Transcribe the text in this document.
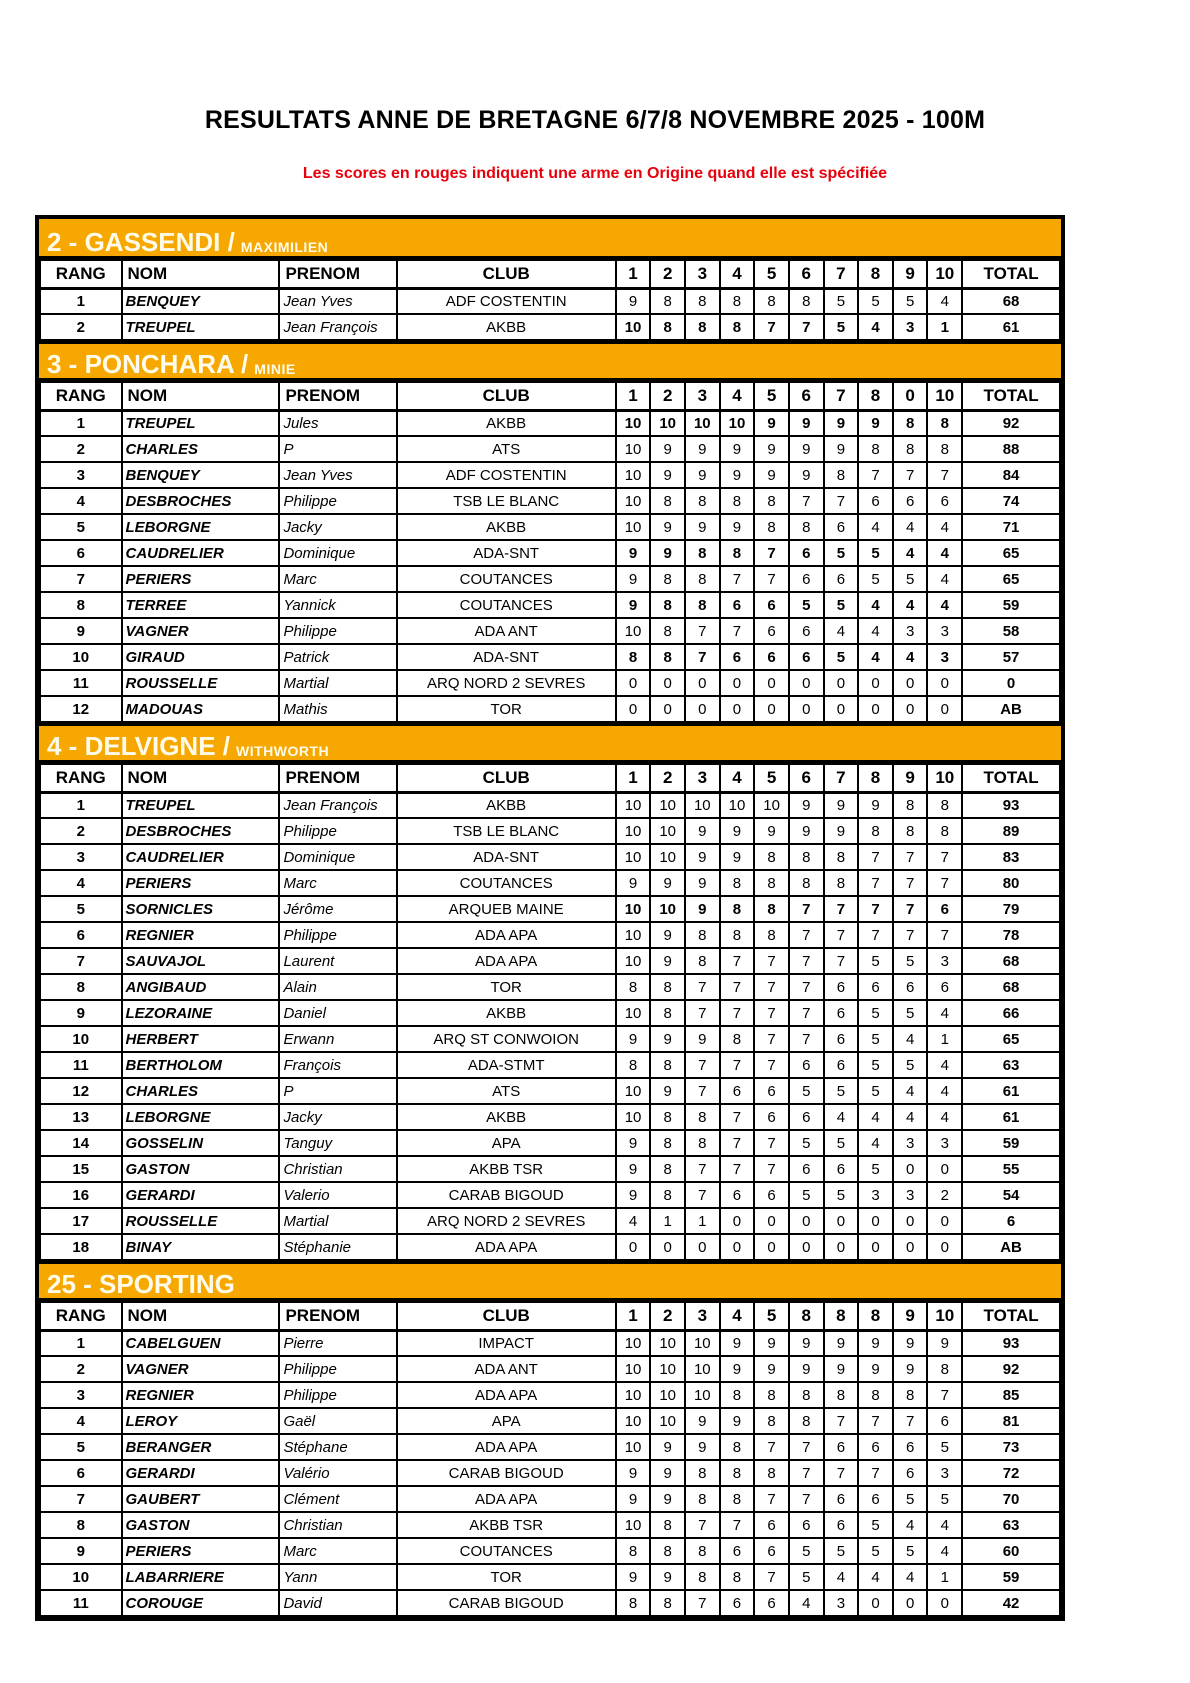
RESULTATS ANNE DE BRETAGNE 6/7/8 NOVEMBRE 2025 - 100M
Les scores en rouges indiquent une arme en Origine quand elle est spécifiée
2 - GASSENDI / MAXIMILIEN
RANG	NOM	PRENOM	CLUB	1	2	3	4	5	6	7	8	9	10	TOTAL
1	BENQUEY	Jean Yves	ADF COSTENTIN	9	8	8	8	8	8	5	5	5	4	68
2	TREUPEL	Jean François	AKBB	10	8	8	8	7	7	5	4	3	1	61
3 - PONCHARA / MINIE
RANG	NOM	PRENOM	CLUB	1	2	3	4	5	6	7	8	0	10	TOTAL
1	TREUPEL	Jules	AKBB	10	10	10	10	9	9	9	9	8	8	92
2	CHARLES	P	ATS	10	9	9	9	9	9	9	8	8	8	88
3	BENQUEY	Jean Yves	ADF COSTENTIN	10	9	9	9	9	9	8	7	7	7	84
4	DESBROCHES	Philippe	TSB LE BLANC	10	8	8	8	8	7	7	6	6	6	74
5	LEBORGNE	Jacky	AKBB	10	9	9	9	8	8	6	4	4	4	71
6	CAUDRELIER	Dominique	ADA-SNT	9	9	8	8	7	6	5	5	4	4	65
7	PERIERS	Marc	COUTANCES	9	8	8	7	7	6	6	5	5	4	65
8	TERREE	Yannick	COUTANCES	9	8	8	6	6	5	5	4	4	4	59
9	VAGNER	Philippe	ADA ANT	10	8	7	7	6	6	4	4	3	3	58
10	GIRAUD	Patrick	ADA-SNT	8	8	7	6	6	6	5	4	4	3	57
11	ROUSSELLE	Martial	ARQ NORD 2 SEVRES	0	0	0	0	0	0	0	0	0	0	0
12	MADOUAS	Mathis	TOR	0	0	0	0	0	0	0	0	0	0	AB
4 - DELVIGNE / WITHWORTH
RANG	NOM	PRENOM	CLUB	1	2	3	4	5	6	7	8	9	10	TOTAL
1	TREUPEL	Jean François	AKBB	10	10	10	10	10	9	9	9	8	8	93
2	DESBROCHES	Philippe	TSB LE BLANC	10	10	9	9	9	9	9	8	8	8	89
3	CAUDRELIER	Dominique	ADA-SNT	10	10	9	9	8	8	8	7	7	7	83
4	PERIERS	Marc	COUTANCES	9	9	9	8	8	8	8	7	7	7	80
5	SORNICLES	Jérôme	ARQUEB MAINE	10	10	9	8	8	7	7	7	7	6	79
6	REGNIER	Philippe	ADA APA	10	9	8	8	8	7	7	7	7	7	78
7	SAUVAJOL	Laurent	ADA APA	10	9	8	7	7	7	7	5	5	3	68
8	ANGIBAUD	Alain	TOR	8	8	7	7	7	7	6	6	6	6	68
9	LEZORAINE	Daniel	AKBB	10	8	7	7	7	7	6	5	5	4	66
10	HERBERT	Erwann	ARQ ST CONWOION	9	9	9	8	7	7	6	5	4	1	65
11	BERTHOLOM	François	ADA-STMT	8	8	7	7	7	6	6	5	5	4	63
12	CHARLES	P	ATS	10	9	7	6	6	5	5	5	4	4	61
13	LEBORGNE	Jacky	AKBB	10	8	8	7	6	6	4	4	4	4	61
14	GOSSELIN	Tanguy	APA	9	8	8	7	7	5	5	4	3	3	59
15	GASTON	Christian	AKBB TSR	9	8	7	7	7	6	6	5	0	0	55
16	GERARDI	Valerio	CARAB BIGOUD	9	8	7	6	6	5	5	3	3	2	54
17	ROUSSELLE	Martial	ARQ NORD 2 SEVRES	4	1	1	0	0	0	0	0	0	0	6
18	BINAY	Stéphanie	ADA APA	0	0	0	0	0	0	0	0	0	0	AB
25 - SPORTING
RANG	NOM	PRENOM	CLUB	1	2	3	4	5	8	8	8	9	10	TOTAL
1	CABELGUEN	Pierre	IMPACT	10	10	10	9	9	9	9	9	9	9	93
2	VAGNER	Philippe	ADA ANT	10	10	10	9	9	9	9	9	9	8	92
3	REGNIER	Philippe	ADA APA	10	10	10	8	8	8	8	8	8	7	85
4	LEROY	Gaël	APA	10	10	9	9	8	8	7	7	7	6	81
5	BERANGER	Stéphane	ADA APA	10	9	9	8	7	7	6	6	6	5	73
6	GERARDI	Valério	CARAB BIGOUD	9	9	8	8	8	7	7	7	6	3	72
7	GAUBERT	Clément	ADA APA	9	9	8	8	7	7	6	6	5	5	70
8	GASTON	Christian	AKBB TSR	10	8	7	7	6	6	6	5	4	4	63
9	PERIERS	Marc	COUTANCES	8	8	8	6	6	5	5	5	5	4	60
10	LABARRIERE	Yann	TOR	9	9	8	8	7	5	4	4	4	1	59
11	COROUGE	David	CARAB BIGOUD	8	8	7	6	6	4	3	0	0	0	42
